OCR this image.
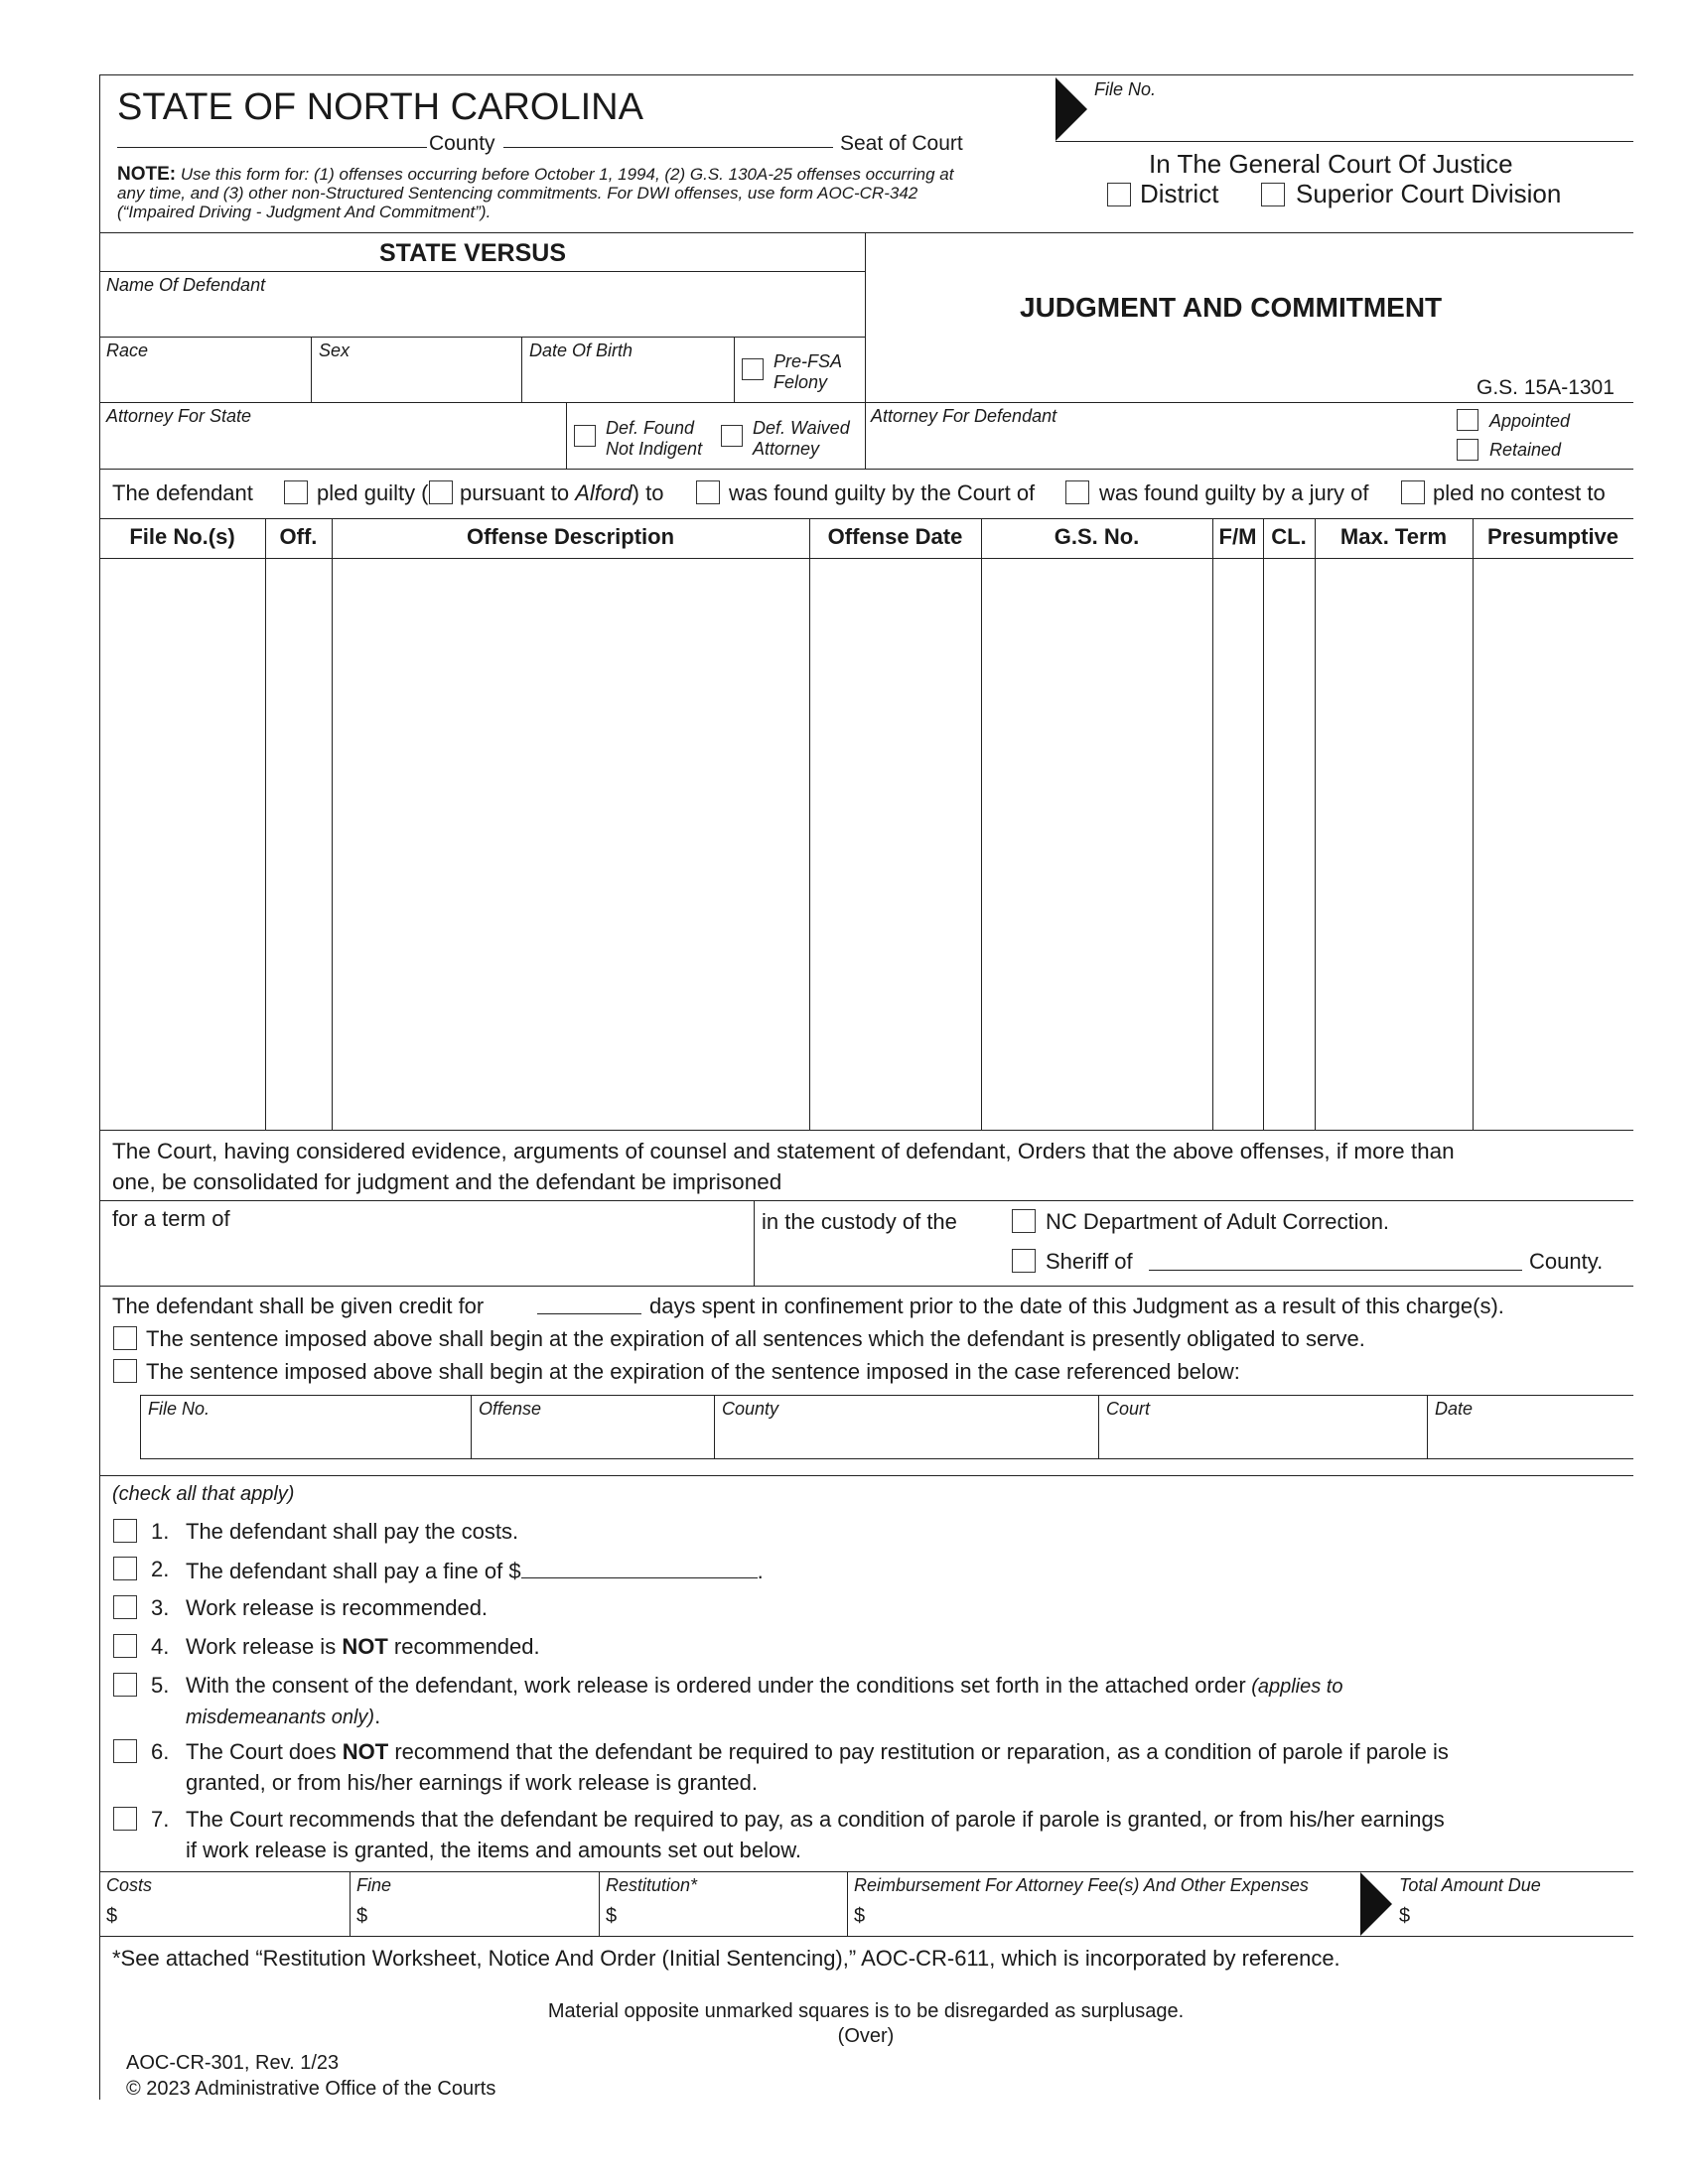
STATE OF NORTH CAROLINA
County	Seat of Court
NOTE: Use this form for: (1) offenses occurring before October 1, 1994, (2) G.S. 130A-25 offenses occurring at any time, and (3) other non-Structured Sentencing commitments. For DWI offenses, use form AOC-CR-342 (“Impaired Driving - Judgment And Commitment”).
File No.
In The General Court Of Justice
District	Superior Court Division
STATE VERSUS
Name Of Defendant
Race	Sex	Date Of Birth
Pre-FSA Felony
JUDGMENT AND COMMITMENT
G.S. 15A-1301
Attorney For State
Def. Found Not Indigent
Def. Waived Attorney
Attorney For Defendant	Appointed
Retained
The defendant	pled guilty ( pursuant to Alford) to	was found guilty by the Court of	was found guilty by a jury of	pled no contest to
File No.(s)	Off.	Offense Description	Offense Date	G.S. No.	F/M CL.	Max. Term	Presumptive
The Court, having considered evidence, arguments of counsel and statement of defendant, Orders that the above offenses, if more than
one, be consolidated for judgment and the defendant be imprisoned
for a term of	in the custody of the	NC Department of Adult Correction.
Sheriff of	County.
The defendant shall be given credit for	days spent in confinement prior to the date of this Judgment as a result of this charge(s).
The sentence imposed above shall begin at the expiration of all sentences which the defendant is presently obligated to serve.
The sentence imposed above shall begin at the expiration of the sentence imposed in the case referenced below:
File No.	Offense	County	Court	Date
(check all that apply)
1. The defendant shall pay the costs.
2. The defendant shall pay a fine of $	.
3. Work release is recommended.
4. Work release is NOT recommended.
5. With the consent of the defendant, work release is ordered under the conditions set forth in the attached order (applies to
misdemeanants only).
6. The Court does NOT recommend that the defendant be required to pay restitution or reparation, as a condition of parole if parole is
granted, or from his/her earnings if work release is granted.
7. The Court recommends that the defendant be required to pay, as a condition of parole if parole is granted, or from his/her earnings
if work release is granted, the items and amounts set out below.
Costs
$
Fine
$
Restitution*
$
Reimbursement For Attorney Fee(s) And Other Expenses
$
Total Amount Due
$
*See attached “Restitution Worksheet, Notice And Order (Initial Sentencing),” AOC-CR-611, which is incorporated by reference.
Material opposite unmarked squares is to be disregarded as surplusage.
(Over)
AOC-CR-301, Rev. 1/23
© 2023 Administrative Office of the Courts
